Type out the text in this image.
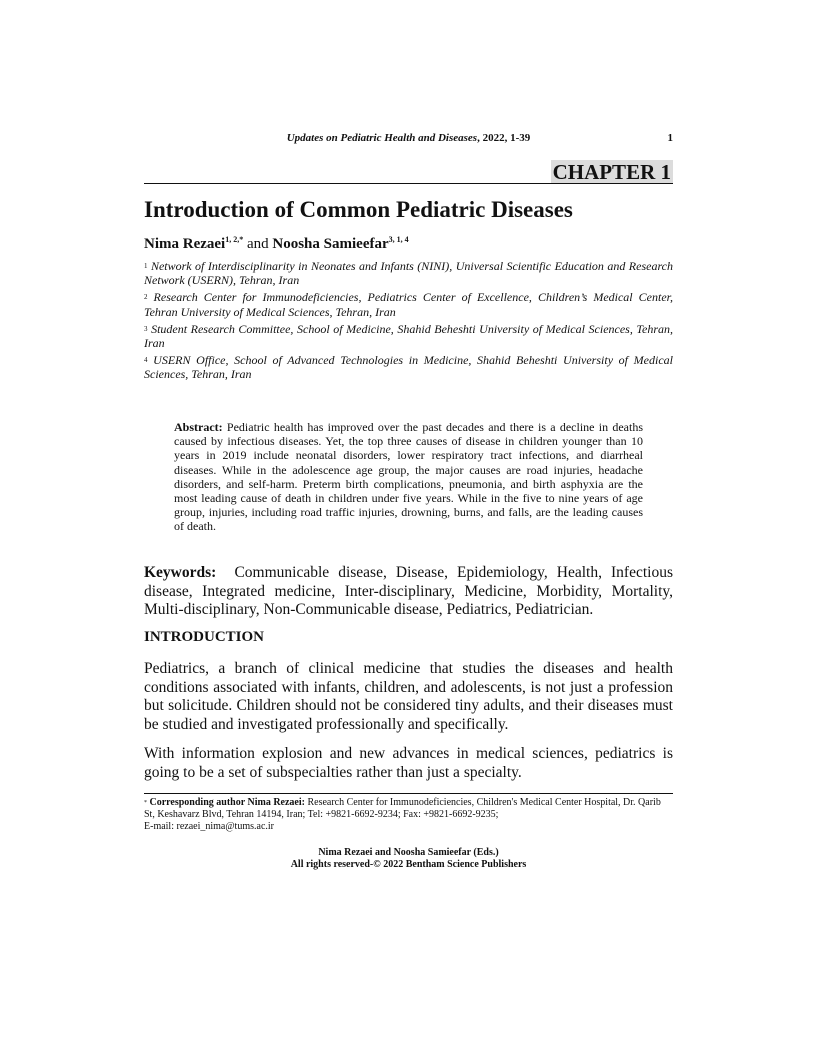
Updates on Pediatric Health and Diseases, 2022, 1-39	1
CHAPTER 1
Introduction of Common Pediatric Diseases
Nima Rezaei$^{1, 2,*}$ and Noosha Samieefar$^{3, 1, 4}$
$^1$ Network of Interdisciplinarity in Neonates and Infants (NINI), Universal Scientific Education and Research Network (USERN), Tehran, Iran
$^2$ Research Center for Immunodeficiencies, Pediatrics Center of Excellence, Children’s Medical Center, Tehran University of Medical Sciences, Tehran, Iran
$^3$ Student Research Committee, School of Medicine, Shahid Beheshti University of Medical Sciences, Tehran, Iran
$^4$ USERN Office, School of Advanced Technologies in Medicine, Shahid Beheshti University of Medical Sciences, Tehran, Iran
Abstract: Pediatric health has improved over the past decades and there is a decline in deaths caused by infectious diseases. Yet, the top three causes of disease in children younger than 10 years in 2019 include neonatal disorders, lower respiratory tract infections, and diarrheal diseases. While in the adolescence age group, the major causes are road injuries, headache disorders, and self-harm. Preterm birth complications, pneumonia, and birth asphyxia are the most leading cause of death in children under five years. While in the five to nine years of age group, injuries, including road traffic injuries, drowning, burns, and falls, are the leading causes of death.
Keywords:  Communicable disease, Disease, Epidemiology, Health, Infectious disease, Integrated medicine, Inter-disciplinary, Medicine, Morbidity, Mortality, Multi-disciplinary, Non-Communicable disease, Pediatrics, Pediatrician.
INTRODUCTION
Pediatrics, a branch of clinical medicine that studies the diseases and health conditions associated with infants, children, and adolescents, is not just a profession but solicitude. Children should not be considered tiny adults, and their diseases must be studied and investigated professionally and specifically.
With information explosion and new advances in medical sciences, pediatrics is going to be a set of subspecialties rather than just a specialty.
* Corresponding author Nima Rezaei: Research Center for Immunodeficiencies, Children's Medical Center Hospital, Dr. Qarib St, Keshavarz Blvd, Tehran 14194, Iran; Tel: +9821-6692-9234; Fax: +9821-6692-9235;
E-mail: rezaei_nima@tums.ac.ir
Nima Rezaei and Noosha Samieefar (Eds.)
All rights reserved-© 2022 Bentham Science Publishers
